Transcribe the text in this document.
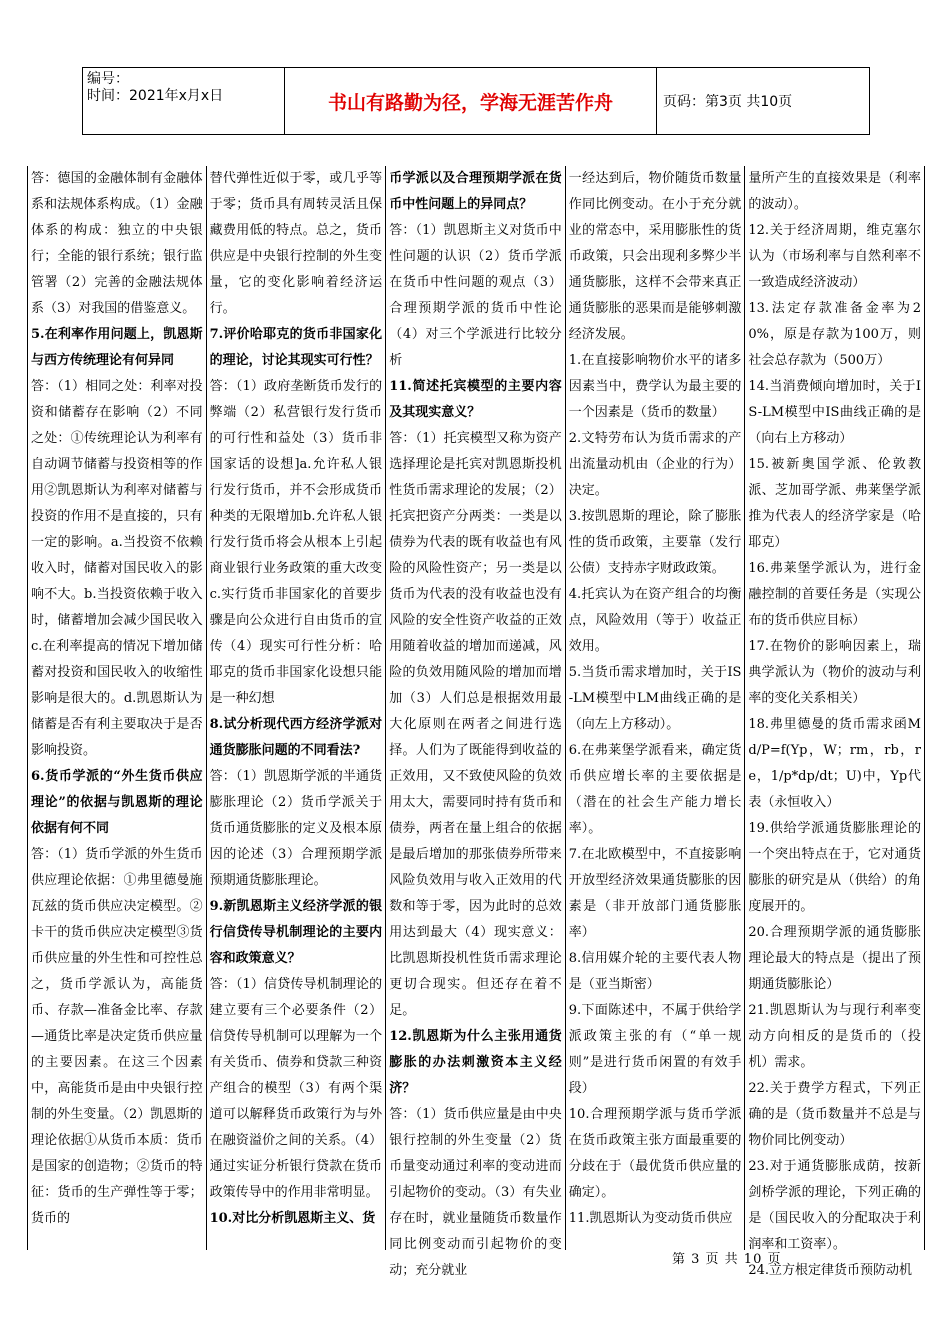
编号：
时间：2021年x月x日	书山有路勤为径，学海无涯苦作舟	页码：第3页 共10页

答：德国的金融体制有金融体系和法规体系构成。（1）金融体系的构成：独立的中央银行；全能的银行系统；银行监管署（2）完善的金融法规体系（3）对我国的借鉴意义。

5.在利率作用问题上，凯恩斯与西方传统理论有何异同

答：（1）相同之处：利率对投资和储蓄存在影响（2）不同之处：①传统理论认为利率有自动调节储蓄与投资相等的作用②凯恩斯认为利率对储蓄与投资的作用不是直接的，只有一定的影响。a.当投资不依赖收入时，储蓄对国民收入的影响不大。b.当投资依赖于收入时，储蓄增加会减少国民收入c.在利率提高的情况下增加储蓄对投资和国民收入的收缩性影响是很大的。d.凯恩斯认为储蓄是否有利主要取决于是否影响投资。

6.货币学派的“外生货币供应理论”的依据与凯恩斯的理论依据有何不同

答：（1）货币学派的外生货币供应理论依据：①弗里德曼施瓦兹的货币供应决定模型。②卡干的货币供应决定模型③货币供应量的外生性和可控性总之，货币学派认为，高能货币、存款—准备金比率、存款—通货比率是决定货币供应量的主要因素。在这三个因素中，高能货币是由中央银行控制的外生变量。（2）凯恩斯的理论依据①从货币本质：货币是国家的创造物；②货币的特征：货币的生产弹性等于零；货币的

替代弹性近似于零，或几乎等于零；货币具有周转灵活且保藏费用低的特点。总之，货币供应是中央银行控制的外生变量，它的变化影响着经济运行。

7.评价哈耶克的货币非国家化的理论，讨论其现实可行性？

答：（1）政府垄断货币发行的弊端（2）私营银行发行货币的可行性和益处（3）货币非国家话的设想]a.允许私人银行发行货币，并不会形成货币种类的无限增加b.允许私人银行发行货币将会从根本上引起商业银行业务政策的重大改变c.实行货币非国家化的首要步骤是向公众进行自由货币的宣传（4）现实可行性分析：哈耶克的货币非国家化设想只能是一种幻想

8.试分析现代西方经济学派对通货膨胀问题的不同看法?

答：（1）凯恩斯学派的半通货膨胀理论（2）货币学派关于货币通货膨胀的定义及根本原因的论述（3）合理预期学派预期通货膨胀理论。

9.新凯恩斯主义经济学派的银行信贷传导机制理论的主要内容和政策意义？

答：（1）信贷传导机制理论的建立要有三个必要条件（2）信贷传导机制可以理解为一个有关货币、债券和贷款三种资产组合的模型（3）有两个渠道可以解释货币政策行为与外在融资溢价之间的关系。（4）通过实证分析银行贷款在货币政策传导中的作用非常明显。

10.对比分析凯恩斯主义、货

币学派以及合理预期学派在货币中性问题上的异同点？

答：（1）凯恩斯主义对货币中性问题的认识（2）货币学派在货币中性问题的观点（3）合理预期学派的货币中性论（4）对三个学派进行比较分析

11.简述托宾模型的主要内容及其现实意义？

答：（1）托宾模型又称为资产选择理论是托宾对凯恩斯投机性货币需求理论的发展；（2）托宾把资产分两类：一类是以债券为代表的既有收益也有风险的风险性资产；另一类是以货币为代表的没有收益也没有风险的安全性资产收益的正效用随着收益的增加而递减，风险的负效用随风险的增加而增加（3）人们总是根据效用最大化原则在两者之间进行选择。人们为了既能得到收益的正效用，又不致使风险的负效用太大，需要同时持有货币和债券，两者在量上组合的依据是最后增加的那张债券所带来风险负效用与收入正效用的代数和等于零，因为此时的总效用达到最大（4）现实意义：比凯恩斯投机性货币需求理论更切合现实。但还存在着不足。

12.凯恩斯为什么主张用通货膨胀的办法刺激资本主义经济？

答：（1）货币供应量是由中央银行控制的外生变量（2）货币量变动通过利率的变动进而引起物价的变动。（3）有失业存在时，就业量随货币数量作同比例变动而引起物价的变动；充分就业

一经达到后，物价随货币数量作同比例变动。在小于充分就业的常态中，采用膨胀性的货币政策，只会出现利多弊少半通货膨胀，这样不会带来真正通货膨胀的恶果而是能够刺激经济发展。

1.在直接影响物价水平的诸多因素当中，费学认为最主要的一个因素是（货币的数量）

2.文特劳布认为货币需求的产出流量动机由（企业的行为）决定。

3.按凯恩斯的理论，除了膨胀性的货币政策，主要靠（发行公债）支持赤字财政政策。

4.托宾认为在资产组合的均衡点，风险效用（等于）收益正效用。

5.当货币需求增加时，关于IS-LM模型中LM曲线正确的是（向左上方移动）。

6.在弗莱堡学派看来，确定货币供应增长率的主要依据是（潜在的社会生产能力增长率）。

7.在北欧模型中，不直接影响开放型经济效果通货膨胀的因素是（非开放部门通货膨胀率）

8.信用媒介轮的主要代表人物是（亚当斯密）

9.下面陈述中，不属于供给学派政策主张的有（“单一规则”是进行货币闲置的有效手段）

10.合理预期学派与货币学派在货币政策主张方面最重要的分歧在于（最优货币供应量的确定）。

11.凯恩斯认为变动货币供应

量所产生的直接效果是（利率的波动）。

12.关于经济周期，维克塞尔认为（市场利率与自然利率不一致造成经济波动）

13.法定存款准备金率为20%，原是存款为100万，则社会总存款为（500万）

14.当消费倾向增加时，关于IS-LM模型中IS曲线正确的是（向右上方移动）

15.被新奥国学派、伦敦教派、芝加哥学派、弗莱堡学派推为代表人的经济学家是（哈耶克）

16.弗莱堡学派认为，进行金融控制的首要任务是（实现公布的货币供应目标）

17.在物价的影响因素上，瑞典学派认为（物价的波动与利率的变化关系相关）

18.弗里德曼的货币需求函Md/P=f(Yp，W；rm，rb，re，1/p*dp/dt；U)中，Yp代表（永恒收入）

19.供给学派通货膨胀理论的一个突出特点在于，它对通货膨胀的研究是从（供给）的角度展开的。

20.合理预期学派的通货膨胀理论最大的特点是（提出了预期通货膨胀论）

21.凯恩斯认为与现行利率变动方向相反的是货币的（投机）需求。

22.关于费学方程式，下列正确的是（货币数量并不总是与物价同比例变动）

23.对于通货膨胀成荫，按新剑桥学派的理论，下列正确的是（国民收入的分配取决于利润率和工资率）。

24.立方根定律货币预防动机

第 3 页 共 10 页
